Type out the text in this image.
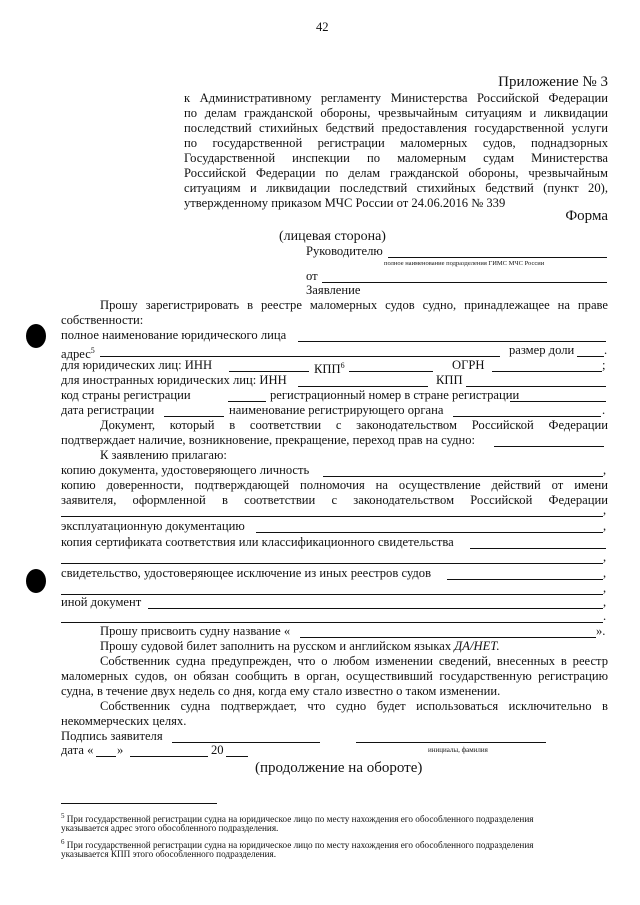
42
Приложение № 3
к Административному регламенту Министерства Российской Федерации
по делам гражданской обороны, чрезвычайным ситуациям и ликвидации
последствий стихийных бедствий предоставления государственной услуги
по государственной регистрации маломерных судов, поднадзорных
Государственной инспекции по маломерным судам Министерства
Российской Федерации по делам гражданской обороны, чрезвычайным
ситуациям и ликвидации последствий стихийных бедствий (пункт 20),
утвержденному приказом МЧС России от 24.06.2016 № 339
Форма
(лицевая сторона)
Руководителю
полное наименование подразделения ГИМС МЧС России
от
Заявление
Прошу зарегистрировать в реестре маломерных судов судно, принадлежащее на праве
собственности:
полное наименование юридического лица
адрес$^5$	размер доли .
для юридических лиц: ИНН	КПП$^6$	ОГРН	;
для иностранных юридических лиц: ИНН	КПП
код страны регистрации	регистрационный номер в стране регистрации
дата регистрации	наименование регистрирующего органа	.
Документ, который в соответствии с законодательством Российской Федерации
подтверждает наличие, возникновение, прекращение, переход прав на судно:
К заявлению прилагаю:
копию документа, удостоверяющего личность	,
копию доверенности, подтверждающей полномочия на осуществление действий от имени
заявителя, оформленной в соответствии с законодательством Российской Федерации
,
эксплуатационную документацию	,
копия сертификата соответствия или классификационного свидетельства
,
свидетельство, удостоверяющее исключение из иных реестров судов	,
,
иной документ	,
.
Прошу присвоить судну название «	».
Прошу судовой билет заполнить на русском и английском языках ДА/НЕТ.
Собственник судна предупрежден, что о любом изменении сведений, внесенных в реестр
маломерных судов, он обязан сообщить в орган, осуществивший государственную регистрацию
судна, в течение двух недель со дня, когда ему стало известно о таком изменении.
Собственник судна подтверждает, что судно будет использоваться исключительно в
некоммерческих целях.
Подпись заявителя
инициалы, фамилия
дата « »	20
(продолжение на обороте)
$^5$ При государственной регистрации судна на юридическое лицо по месту нахождения его обособленного подразделения
указывается адрес этого обособленного подразделения.
$^6$ При государственной регистрации судна на юридическое лицо по месту нахождения его обособленного подразделения
указывается КПП этого обособленного подразделения.
